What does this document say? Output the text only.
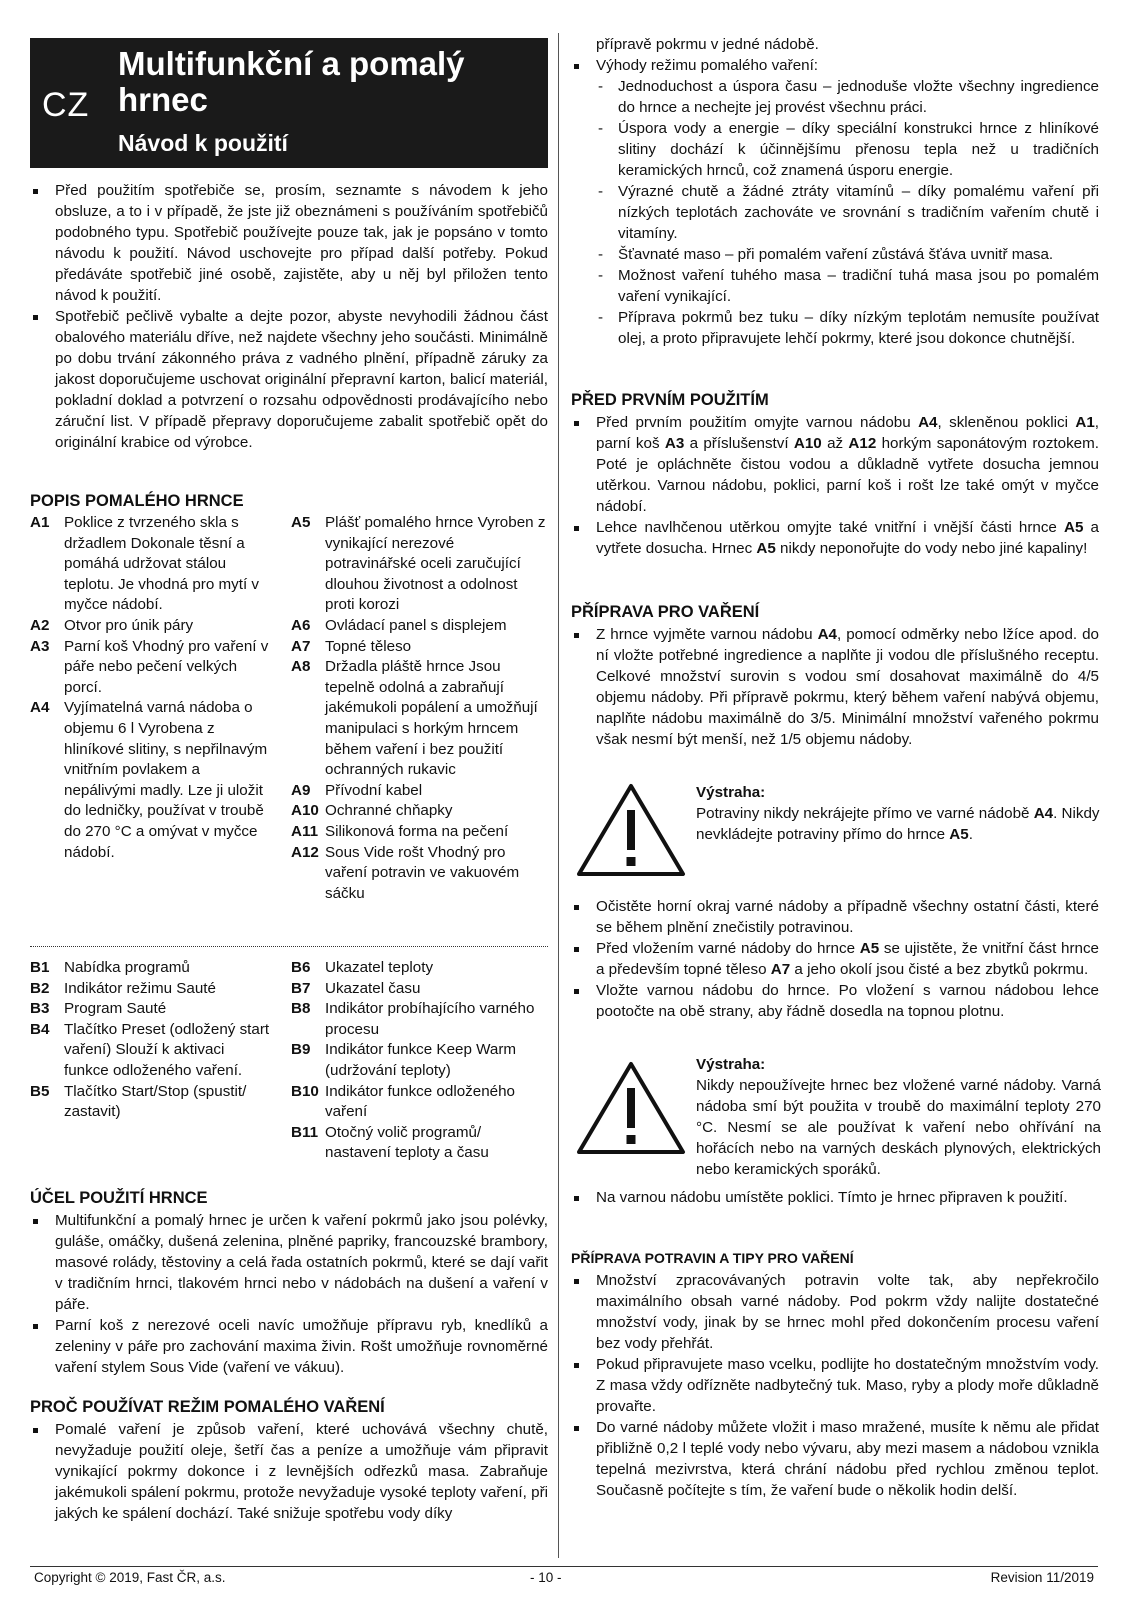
CZ
Multifunkční a pomalý hrnec
Návod k použití
Před použitím spotřebiče se, prosím, seznamte s návodem k jeho obsluze, a to i v případě, že jste již obeznámeni s používáním spotřebičů podobného typu. Spotřebič používejte pouze tak, jak je popsáno v tomto návodu k použití. Návod uschovejte pro případ další potřeby. Pokud předáváte spotřebič jiné osobě, zajistěte, aby u něj byl přiložen tento návod k použití.
Spotřebič pečlivě vybalte a dejte pozor, abyste nevyhodili žádnou část obalového materiálu dříve, než najdete všechny jeho součásti. Minimálně po dobu trvání zákonného práva z vadného plnění, případně záruky za jakost doporučujeme uschovat originální přepravní karton, balicí materiál, pokladní doklad a potvrzení o rozsahu odpovědnosti prodávajícího nebo záruční list. V případě přepravy doporučujeme zabalit spotřebič opět do originální krabice od výrobce.
POPIS POMALÉHO HRNCE
A1 Poklice z tvrzeného skla s držadlem Dokonale těsní a pomáhá udržovat stálou teplotu. Je vhodná pro mytí v myčce nádobí.
A2 Otvor pro únik páry
A3 Parní koš Vhodný pro vaření v páře nebo pečení velkých porcí.
A4 Vyjímatelná varná nádoba o objemu 6 l Vyrobena z hliníkové slitiny, s nepřilnavým vnitřním povlakem a nepálivými madly. Lze ji uložit do ledničky, používat v troubě do 270 °C a omývat v myčce nádobí.
A5 Plášť pomalého hrnce Vyroben z vynikající nerezové potravinářské oceli zaručující dlouhou životnost a odolnost proti korozi
A6 Ovládací panel s displejem
A7 Topné těleso
A8 Držadla pláště hrnce Jsou tepelně odolná a zabraňují jakémukoli popálení a umožňují manipulaci s horkým hrncem během vaření i bez použití ochranných rukavic
A9 Přívodní kabel
A10 Ochranné chňapky
A11 Silikonová forma na pečení
A12 Sous Vide rošt Vhodný pro vaření potravin ve vakuovém sáčku
B1 Nabídka programů
B2 Indikátor režimu Sauté
B3 Program Sauté
B4 Tlačítko Preset (odložený start vaření) Slouží k aktivaci funkce odloženého vaření.
B5 Tlačítko Start/Stop (spustit/ zastavit)
B6 Ukazatel teploty
B7 Ukazatel času
B8 Indikátor probíhajícího varného procesu
B9 Indikátor funkce Keep Warm (udržování teploty)
B10 Indikátor funkce odloženého vaření
B11 Otočný volič programů/ nastavení teploty a času
ÚČEL POUŽITÍ HRNCE
Multifunkční a pomalý hrnec je určen k vaření pokrmů jako jsou polévky, guláše, omáčky, dušená zelenina, plněné papriky, francouzské brambory, masové rolády, těstoviny a celá řada ostatních pokrmů, které se dají vařit v tradičním hrnci, tlakovém hrnci nebo v nádobách na dušení a vaření v páře.
Parní koš z nerezové oceli navíc umožňuje přípravu ryb, knedlíků a zeleniny v páře pro zachování maxima živin. Rošt umožňuje rovnoměrné vaření stylem Sous Vide (vaření ve vákuu).
PROČ POUŽÍVAT REŽIM POMALÉHO VAŘENÍ
Pomalé vaření je způsob vaření, které uchovává všechny chutě, nevyžaduje použití oleje, šetří čas a peníze a umožňuje vám připravit vynikající pokrmy dokonce i z levnějších odřezků masa. Zabraňuje jakémukoli spálení pokrmu, protože nevyžaduje vysoké teploty vaření, při jakých ke spálení dochází. Také snižuje spotřebu vody díky
přípravě pokrmu v jedné nádobě.
Výhody režimu pomalého vaření:
- Jednoduchost a úspora času – jednoduše vložte všechny ingredience do hrnce a nechejte jej provést všechnu práci.
- Úspora vody a energie – díky speciální konstrukci hrnce z hliníkové slitiny dochází k účinnějšímu přenosu tepla než u tradičních keramických hrnců, což znamená úsporu energie.
- Výrazné chutě a žádné ztráty vitamínů – díky pomalému vaření při nízkých teplotách zachováte ve srovnání s tradičním vařením chutě i vitamíny.
- Šťavnaté maso – při pomalém vaření zůstává šťáva uvnitř masa.
- Možnost vaření tuhého masa – tradiční tuhá masa jsou po pomalém vaření vynikající.
- Příprava pokrmů bez tuku – díky nízkým teplotám nemusíte používat olej, a proto připravujete lehčí pokrmy, které jsou dokonce chutnější.
PŘED PRVNÍM POUŽITÍM
Před prvním použitím omyjte varnou nádobu A4, skleněnou poklici A1, parní koš A3 a příslušenství A10 až A12 horkým saponátovým roztokem. Poté je opláchněte čistou vodou a důkladně vytřete dosucha jemnou utěrkou. Varnou nádobu, poklici, parní koš i rošt lze také omýt v myčce nádobí.
Lehce navlhčenou utěrkou omyjte také vnitřní i vnější části hrnce A5 a vytřete dosucha. Hrnec A5 nikdy neponořujte do vody nebo jiné kapaliny!
PŘÍPRAVA PRO VAŘENÍ
Z hrnce vyjměte varnou nádobu A4, pomocí odměrky nebo lžíce apod. do ní vložte potřebné ingredience a naplňte ji vodou dle příslušného receptu. Celkové množství surovin s vodou smí dosahovat maximálně do 4/5 objemu nádoby. Při přípravě pokrmu, který během vaření nabývá objemu, naplňte nádobu maximálně do 3/5. Minimální množství vařeného pokrmu však nesmí být menší, než 1/5 objemu nádoby.
Výstraha:
Potraviny nikdy nekrájejte přímo ve varné nádobě A4. Nikdy nevkládejte potraviny přímo do hrnce A5.
Očistěte horní okraj varné nádoby a případně všechny ostatní části, které se během plnění znečistily potravinou.
Před vložením varné nádoby do hrnce A5 se ujistěte, že vnitřní část hrnce a především topné těleso A7 a jeho okolí jsou čisté a bez zbytků pokrmu.
Vložte varnou nádobu do hrnce. Po vložení s varnou nádobou lehce pootočte na obě strany, aby řádně dosedla na topnou plotnu.
Výstraha:
Nikdy nepoužívejte hrnec bez vložené varné nádoby. Varná nádoba smí být použita v troubě do maximální teploty 270 °C. Nesmí se ale používat k vaření nebo ohřívání na hořácích nebo na varných deskách plynových, elektrických nebo keramických sporáků.
Na varnou nádobu umístěte poklici. Tímto je hrnec připraven k použití.
PŘÍPRAVA POTRAVIN A TIPY PRO VAŘENÍ
Množství zpracovávaných potravin volte tak, aby nepřekročilo maximálního obsah varné nádoby. Pod pokrm vždy nalijte dostatečné množství vody, jinak by se hrnec mohl před dokončením procesu vaření bez vody přehřát.
Pokud připravujete maso vcelku, podlijte ho dostatečným množstvím vody. Z masa vždy odřízněte nadbytečný tuk. Maso, ryby a plody moře důkladně provařte.
Do varné nádoby můžete vložit i maso mražené, musíte k němu ale přidat přibližně 0,2 l teplé vody nebo vývaru, aby mezi masem a nádobou vznikla tepelná mezivrstva, která chrání nádobu před rychlou změnou teplot. Současně počítejte s tím, že vaření bude o několik hodin delší.
Copyright © 2019, Fast ČR, a.s.	- 10 -	Revision 11/2019
